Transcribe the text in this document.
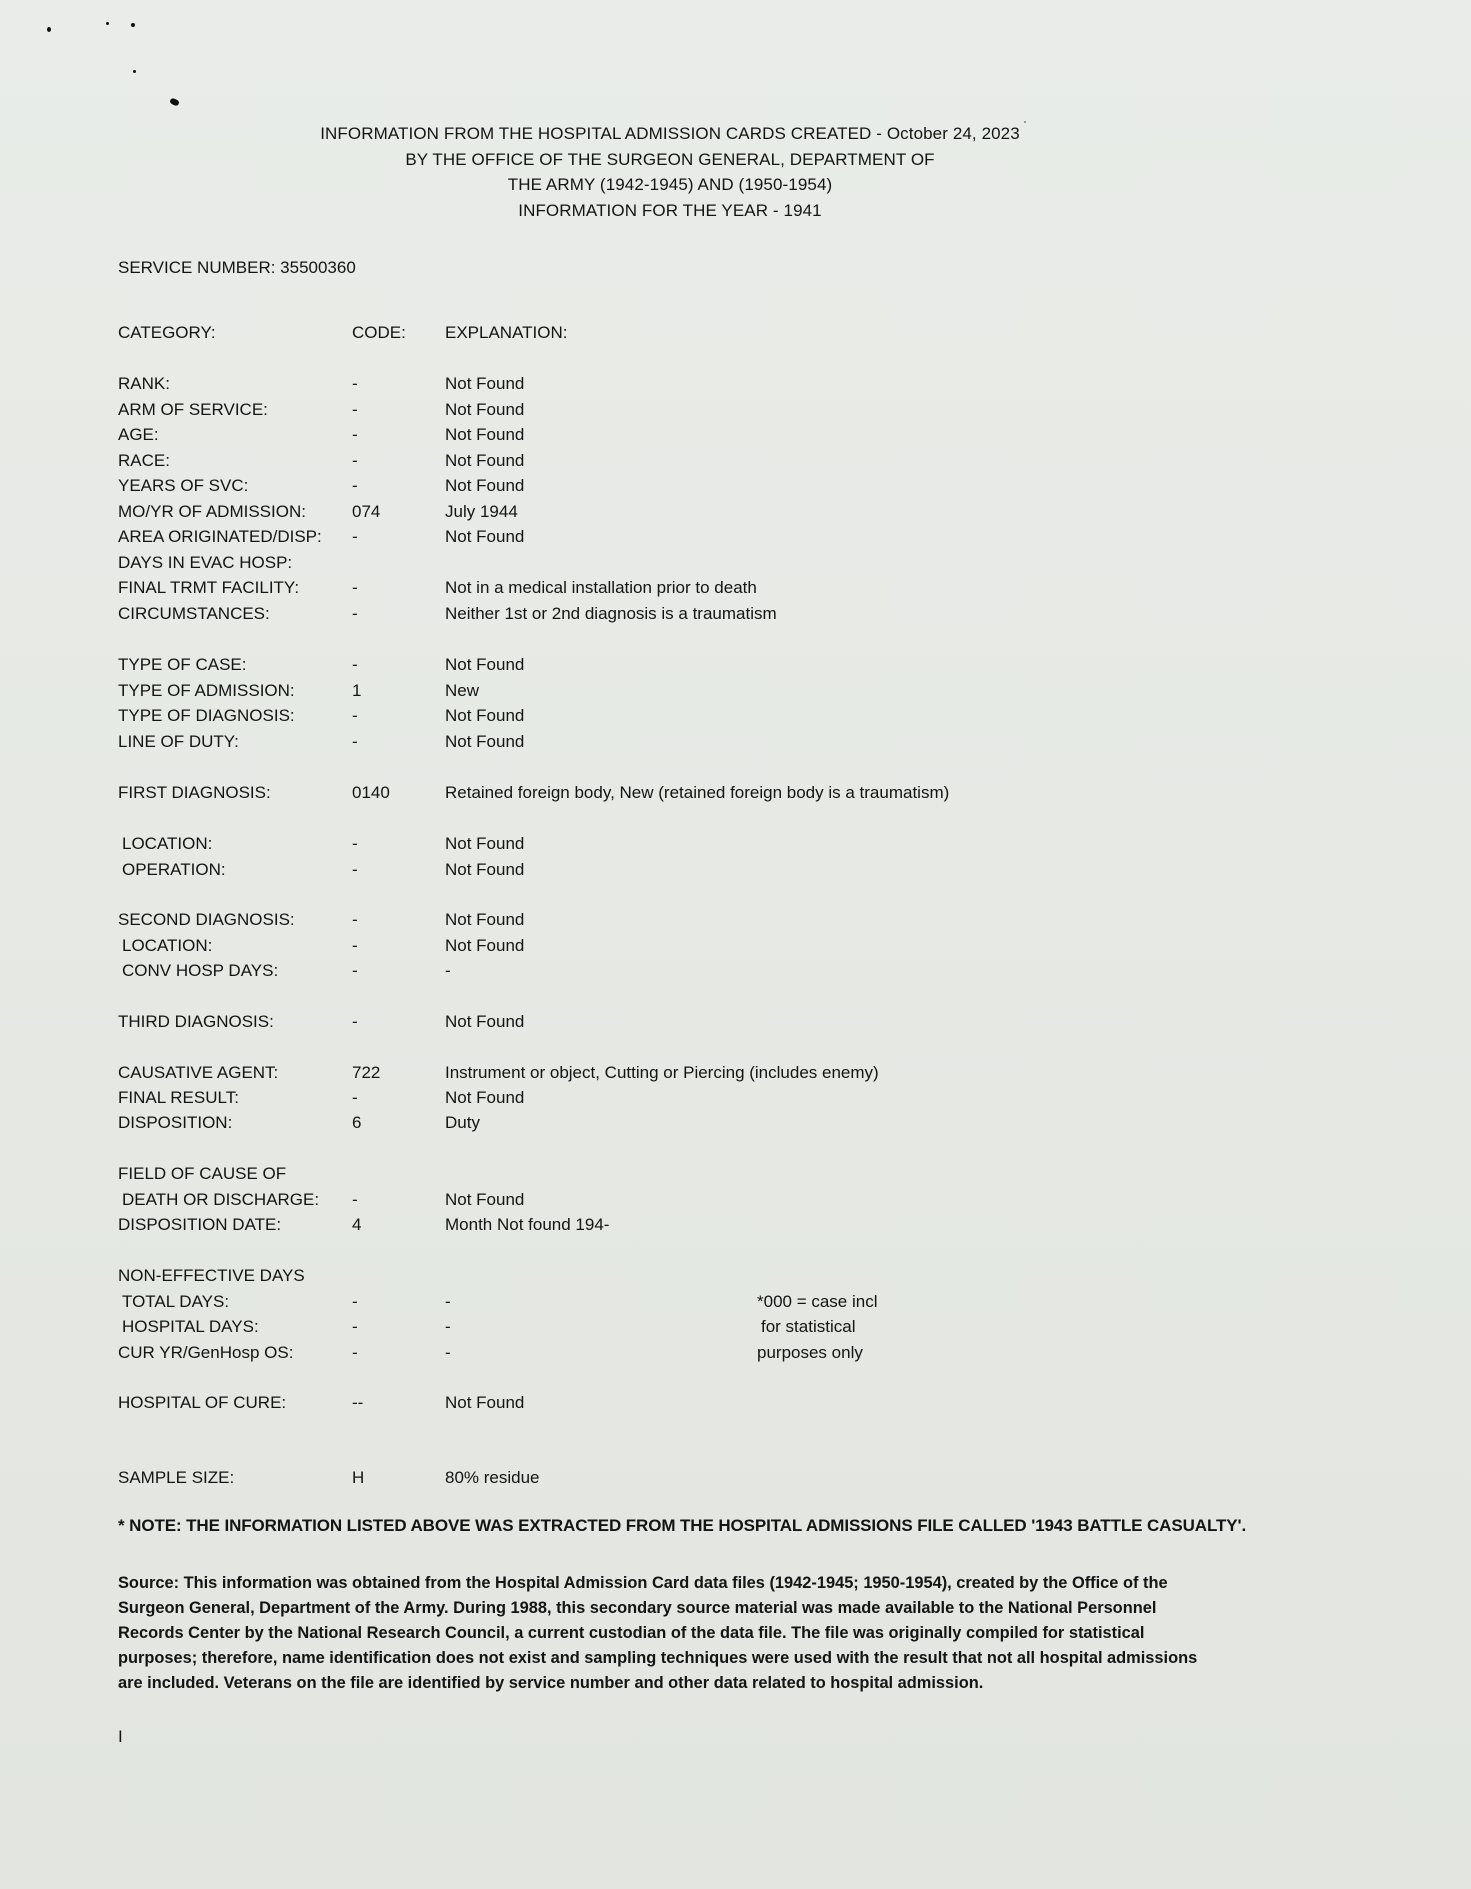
INFORMATION FROM THE HOSPITAL ADMISSION CARDS CREATED - October 24, 2023
BY THE OFFICE OF THE SURGEON GENERAL, DEPARTMENT OF
THE ARMY (1942-1945) AND (1950-1954)
INFORMATION FOR THE YEAR - 1941
SERVICE NUMBER: 35500360
CATEGORY:	CODE: EXPLANATION:
RANK:	-	Not Found
ARM OF SERVICE:	-	Not Found
AGE:	-	Not Found
RACE:	-	Not Found
YEARS OF SVC:	-	Not Found
MO/YR OF ADMISSION:	074	July 1944
AREA ORIGINATED/DISP: -	Not Found
DAYS IN EVAC HOSP:
FINAL TRMT FACILITY:	-	Not in a medical installation prior to death
CIRCUMSTANCES:	-	Neither 1st or 2nd diagnosis is a traumatism
TYPE OF CASE:	-	Not Found
TYPE OF ADMISSION:	1	New
TYPE OF DIAGNOSIS:	-	Not Found
LINE OF DUTY:	-	Not Found
FIRST DIAGNOSIS:	0140	Retained foreign body, New (retained foreign body is a traumatism)
LOCATION:	-	Not Found
OPERATION:	-	Not Found
SECOND DIAGNOSIS:	-	Not Found
LOCATION:	-	Not Found
CONV HOSP DAYS:	-	-
THIRD DIAGNOSIS:	-	Not Found
CAUSATIVE AGENT:	722	Instrument or object, Cutting or Piercing (includes enemy)
FINAL RESULT:	-	Not Found
DISPOSITION:	6	Duty
FIELD OF CAUSE OF
DEATH OR DISCHARGE: -	Not Found
DISPOSITION DATE:	4	Month Not found 194-
NON-EFFECTIVE DAYS
TOTAL DAYS:	-	-	*000 = case incl
HOSPITAL DAYS:	-	-	for statistical
CUR YR/GenHosp OS:	-	-	purposes only
HOSPITAL OF CURE:	--	Not Found
SAMPLE SIZE:	H	80% residue
* NOTE: THE INFORMATION LISTED ABOVE WAS EXTRACTED FROM THE HOSPITAL ADMISSIONS FILE CALLED '1943 BATTLE CASUALTY'.
Source: This information was obtained from the Hospital Admission Card data files (1942-1945; 1950-1954), created by the Office of the
Surgeon General, Department of the Army. During 1988, this secondary source material was made available to the National Personnel
Records Center by the National Research Council, a current custodian of the data file. The file was originally compiled for statistical
purposes; therefore, name identification does not exist and sampling techniques were used with the result that not all hospital admissions
are included. Veterans on the file are identified by service number and other data related to hospital admission.
I
